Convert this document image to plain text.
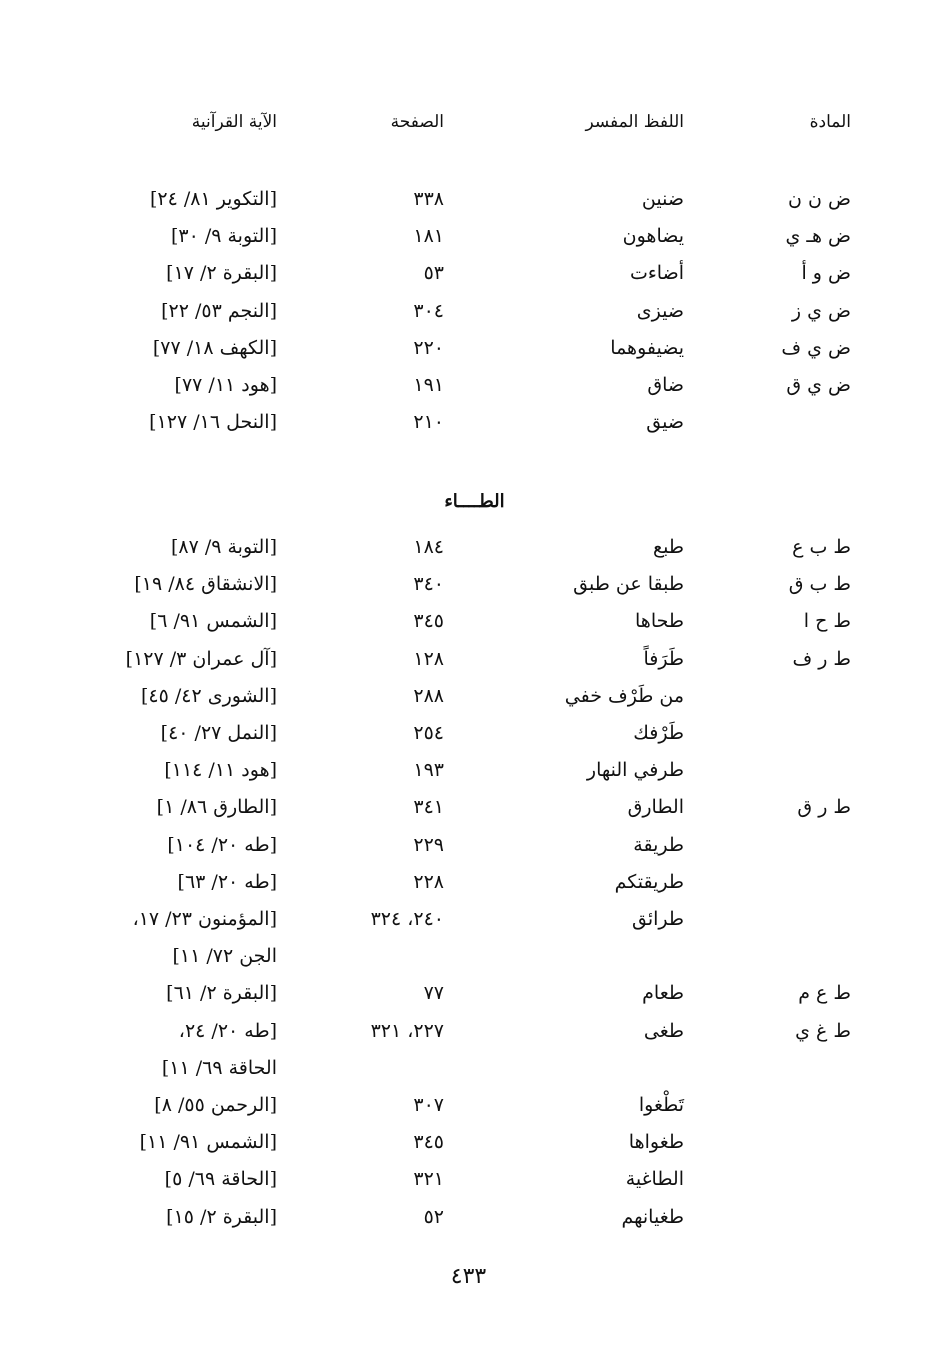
المادة
اللفظ المفسر
الصفحة
الآية القرآنية
ض ن ن
ضنين
٣٣٨
[التكوير ٨١/ ٢٤]
ض هـ ي
يضاهون
١٨١
[التوبة ٩/ ٣٠]
ض و أ
أضاءت
٥٣
[البقرة ٢/ ١٧]
ض ي ز
ضيزى
٣٠٤
[النجم ٥٣/ ٢٢]
ض ي ف
يضيفوهما
٢٢٠
[الكهف ١٨/ ٧٧]
ض ي ق
ضاق
١٩١
[هود ١١/ ٧٧]
ضيق
٢١٠
[النحل ١٦/ ١٢٧]
الطــــاء
ط ب ع
طبع
١٨٤
[التوبة ٩/ ٨٧]
ط ب ق
طبقا عن طبق
٣٤٠
[الانشقاق ٨٤/ ١٩]
ط ح ا
طحاها
٣٤٥
[الشمس ٩١/ ٦]
ط ر ف
طَرَفاً
١٢٨
[آل عمران ٣/ ١٢٧]
من طَرْف خفي
٢٨٨
[الشورى ٤٢/ ٤٥]
طَرْفك
٢٥٤
[النمل ٢٧/ ٤٠]
طرفي النهار
١٩٣
[هود ١١/ ١١٤]
ط ر ق
الطارق
٣٤١
[الطارق ٨٦/ ١]
طريقة
٢٢٩
[طه ٢٠/ ١٠٤]
طريقتكم
٢٢٨
[طه ٢٠/ ٦٣]
طرائق
٢٤٠، ٣٢٤
[المؤمنون ٢٣/ ١٧،
الجن ٧٢/ ١١]
ط ع م
طعام
٧٧
[البقرة ٢/ ٦١]
ط غ ي
طغى
٢٢٧، ٣٢١
[طه ٢٠/ ٢٤،
الحاقة ٦٩/ ١١]
تَطْغوا
٣٠٧
[الرحمن ٥٥/ ٨]
طغواها
٣٤٥
[الشمس ٩١/ ١١]
الطاغية
٣٢١
[الحاقة ٦٩/ ٥]
طغيانهم
٥٢
[البقرة ٢/ ١٥]
٤٣٣
